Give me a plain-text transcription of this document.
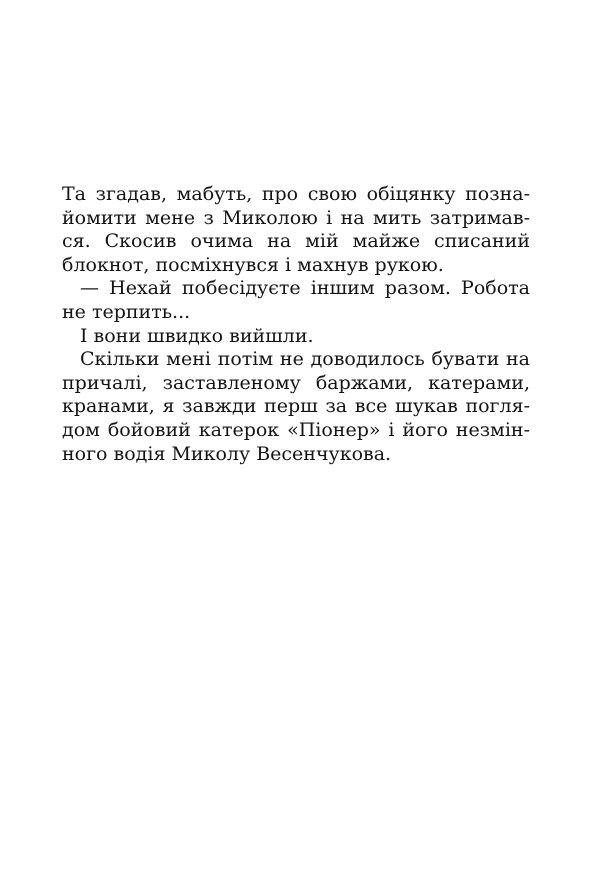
Та згадав, мабуть, про свою обіцянку позна-
йомити мене з Миколою і на мить затримав-
ся. Скосив очима на мій майже списаний
блокнот, посміхнувся і махнув рукою.
— Нехай побесідуєте іншим разом. Робота
не терпить...
І вони швидко вийшли.
Скільки мені потім не доводилось бувати на
причалі, заставленому баржами, катерами,
кранами, я завжди перш за все шукав погля-
дом бойовий катерок «Піонер» і його незмін-
ного водія Миколу Весенчукова.
